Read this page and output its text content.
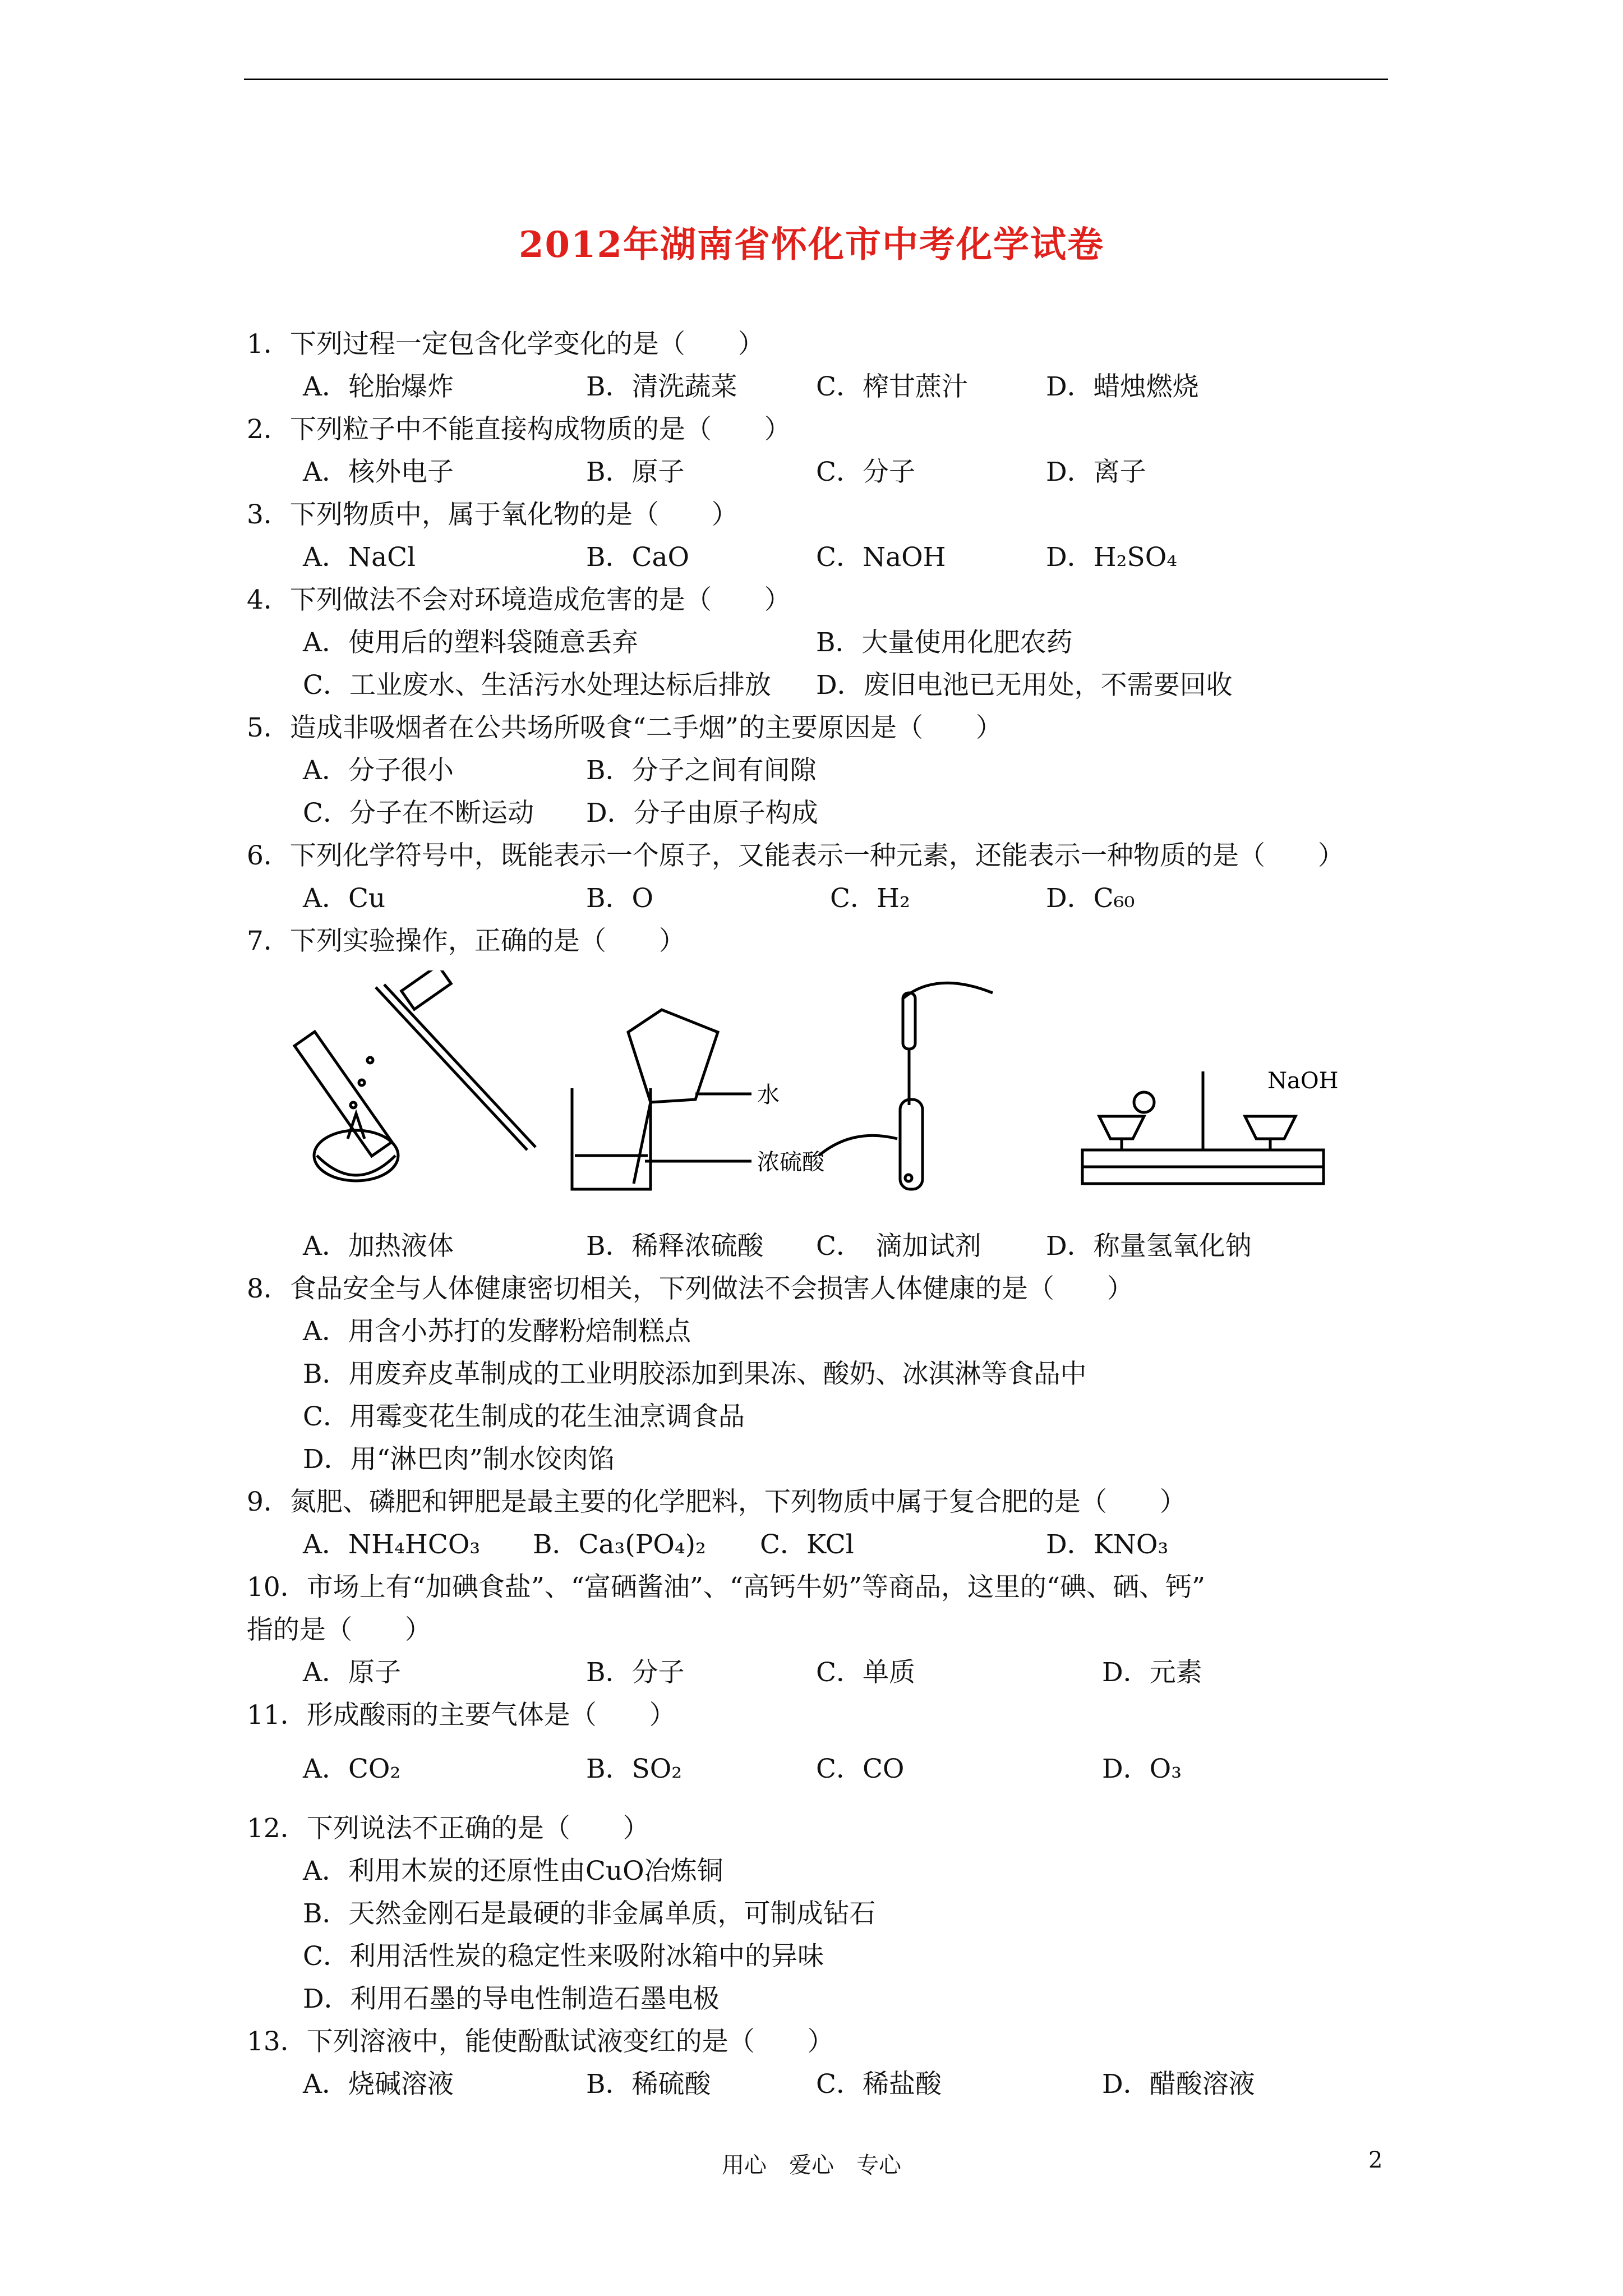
2012年湖南省怀化市中考化学试卷
1．下列过程一定包含化学变化的是（　　）
A．轮胎爆炸	B．清洗蔬菜	C．榨甘蔗汁	D．蜡烛燃烧
2．下列粒子中不能直接构成物质的是（　　）
A．核外电子	B．原子	C．分子	D．离子
3．下列物质中，属于氧化物的是（　　）
A．NaCl	B．CaO	C．NaOH	D．H₂SO₄
4．下列做法不会对环境造成危害的是（　　）
A．使用后的塑料袋随意丢弃	B．大量使用化肥农药
C．工业废水、生活污水处理达标后排放 D．废旧电池已无用处，不需要回收
5．造成非吸烟者在公共场所吸食“二手烟”的主要原因是（　　）
A．分子很小	B．分子之间有间隙
C．分子在不断运动 D．分子由原子构成
6．下列化学符号中，既能表示一个原子，又能表示一种元素，还能表示一种物质的是（　　）
A．Cu	B．O	C．H₂	D．C₆₀
7．下列实验操作，正确的是（　　）
水
浓硫酸
NaOH
A．加热液体	B．稀释浓硫酸 C．　滴加试剂 D．称量氢氧化钠
8．食品安全与人体健康密切相关，下列做法不会损害人体健康的是（　　）
A．用含小苏打的发酵粉焙制糕点
B．用废弃皮革制成的工业明胶添加到果冻、酸奶、冰淇淋等食品中
C．用霉变花生制成的花生油烹调食品
D．用“淋巴肉”制水饺肉馅
9．氮肥、磷肥和钾肥是最主要的化学肥料，下列物质中属于复合肥的是（　　）
A．NH₄HCO₃ B．Ca₃(PO₄)₂ C．KCl	D．KNO₃
10．市场上有“加碘食盐”、“富硒酱油”、“高钙牛奶”等商品，这里的“碘、硒、钙”
指的是（　　）
A．原子	B．分子	C．单质	D．元素
11．形成酸雨的主要气体是（　　）
A．CO₂	B．SO₂	C．CO	D．O₃
12．下列说法不正确的是（　　）
A．利用木炭的还原性由CuO冶炼铜
B．天然金刚石是最硬的非金属单质，可制成钻石
C．利用活性炭的稳定性来吸附冰箱中的异味
D．利用石墨的导电性制造石墨电极
13．下列溶液中，能使酚酞试液变红的是（　　）
A．烧碱溶液	B．稀硫酸	C．稀盐酸	D．醋酸溶液
用心　爱心　专心	2
